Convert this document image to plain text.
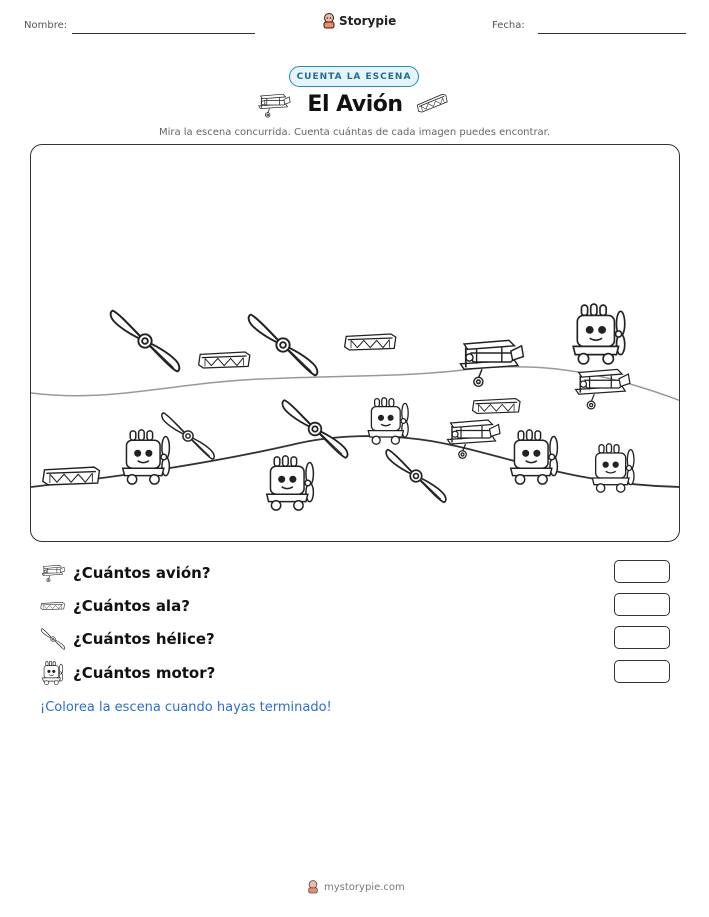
Nombre:	Storypie	Fecha:
CUENTA LA ESCENA
El Avión
Mira la escena concurrida. Cuenta cuántas de cada imagen puedes encontrar.
¿Cuántos avión?
¿Cuántos ala?
¿Cuántos hélice?
¿Cuántos motor?
¡Colorea la escena cuando hayas terminado!
mystorypie.com
